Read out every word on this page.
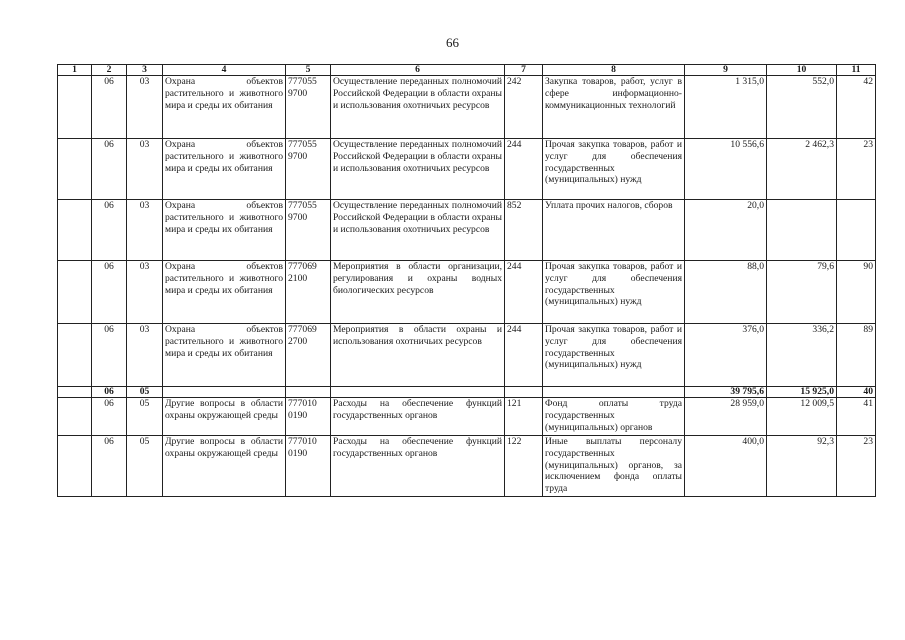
66
1	2	3	4	5	6	7	8	9	10	11
	06	03	Охрана объектов растительного и животного мира и среды их обитания	777055 9700	Осуществление переданных полномочий Российской Федерации в области охраны и использования охотничьих ресурсов	242	Закупка товаров, работ, услуг в сфере информационно-коммуникационных технологий	1 315,0	552,0	42
	06	03	Охрана объектов растительного и животного мира и среды их обитания	777055 9700	Осуществление переданных полномочий Российской Федерации в области охраны и использования охотничьих ресурсов	244	Прочая закупка товаров, работ и услуг для обеспечения государственных (муниципальных) нужд	10 556,6	2 462,3	23
	06	03	Охрана объектов растительного и животного мира и среды их обитания	777055 9700	Осуществление переданных полномочий Российской Федерации в области охраны и использования охотничьих ресурсов	852	Уплата прочих налогов, сборов	20,0		
	06	03	Охрана объектов растительного и животного мира и среды их обитания	777069 2100	Мероприятия в области организации, регулирования и охраны водных биологических ресурсов	244	Прочая закупка товаров, работ и услуг для обеспечения государственных (муниципальных) нужд	88,0	79,6	90
	06	03	Охрана объектов растительного и животного мира и среды их обитания	777069 2700	Мероприятия в области охраны и использования охотничьих ресурсов	244	Прочая закупка товаров, работ и услуг для обеспечения государственных (муниципальных) нужд	376,0	336,2	89
	06	05						39 795,6	15 925,0	40
	06	05	Другие вопросы в области охраны окружающей среды	777010 0190	Расходы на обеспечение функций государственных органов	121	Фонд оплаты труда государственных (муниципальных) органов	28 959,0	12 009,5	41
	06	05	Другие вопросы в области охраны окружающей среды	777010 0190	Расходы на обеспечение функций государственных органов	122	Иные выплаты персоналу государственных (муниципальных) органов, за исключением фонда оплаты труда	400,0	92,3	23
